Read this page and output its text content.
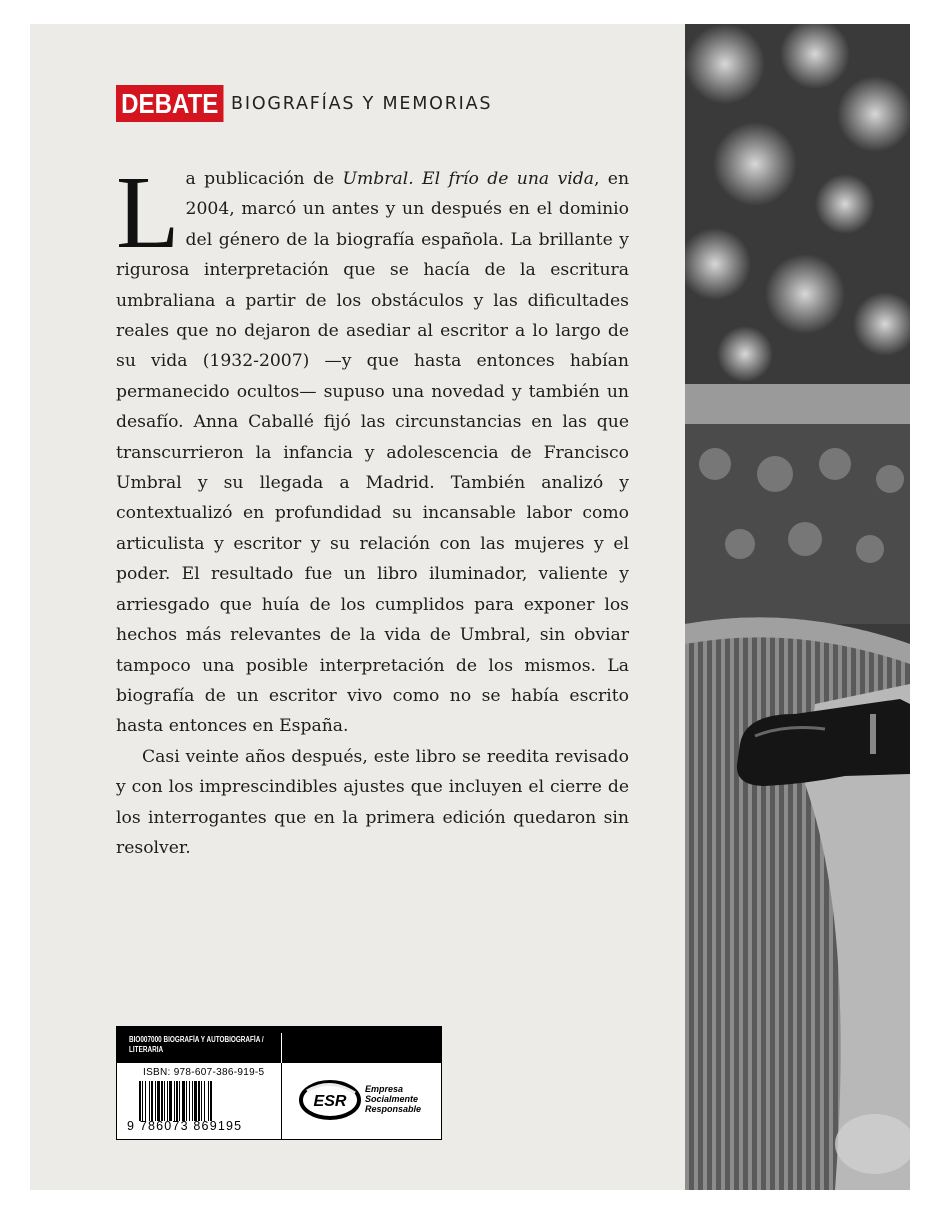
DEBATE BIOGRAFÍAS Y MEMORIAS

La publicación de Umbral. El frío de una vida, en 2004, marcó un antes y un después en el dominio del género de la biografía española. La brillante y rigurosa interpretación que se hacía de la escritura umbraliana a partir de los obstáculos y las dificultades reales que no dejaron de asediar al escritor a lo largo de su vida (1932-2007) —y que hasta entonces habían permanecido ocultos— supuso una novedad y también un desafío. Anna Caballé fijó las circunstancias en las que transcurrieron la infancia y adolescencia de Francisco Umbral y su llegada a Madrid. También analizó y contextualizó en profundidad su incansable labor como articulista y escritor y su relación con las mujeres y el poder. El resultado fue un libro iluminador, valiente y arriesgado que huía de los cumplidos para exponer los hechos más relevantes de la vida de Umbral, sin obviar tampoco una posible interpretación de los mismos. La biografía de un escritor vivo como no se había escrito hasta entonces en España.

Casi veinte años después, este libro se reedita revisado y con los imprescindibles ajustes que incluyen el cierre de los interrogantes que en la primera edición quedaron sin resolver.

BIO007000 BIOGRAFÍA Y AUTOBIOGRAFÍA /
LITERARIA
ISBN: 978-607-386-919-5
9 786073 869195
ESR
Empresa
Socialmente
Responsable
